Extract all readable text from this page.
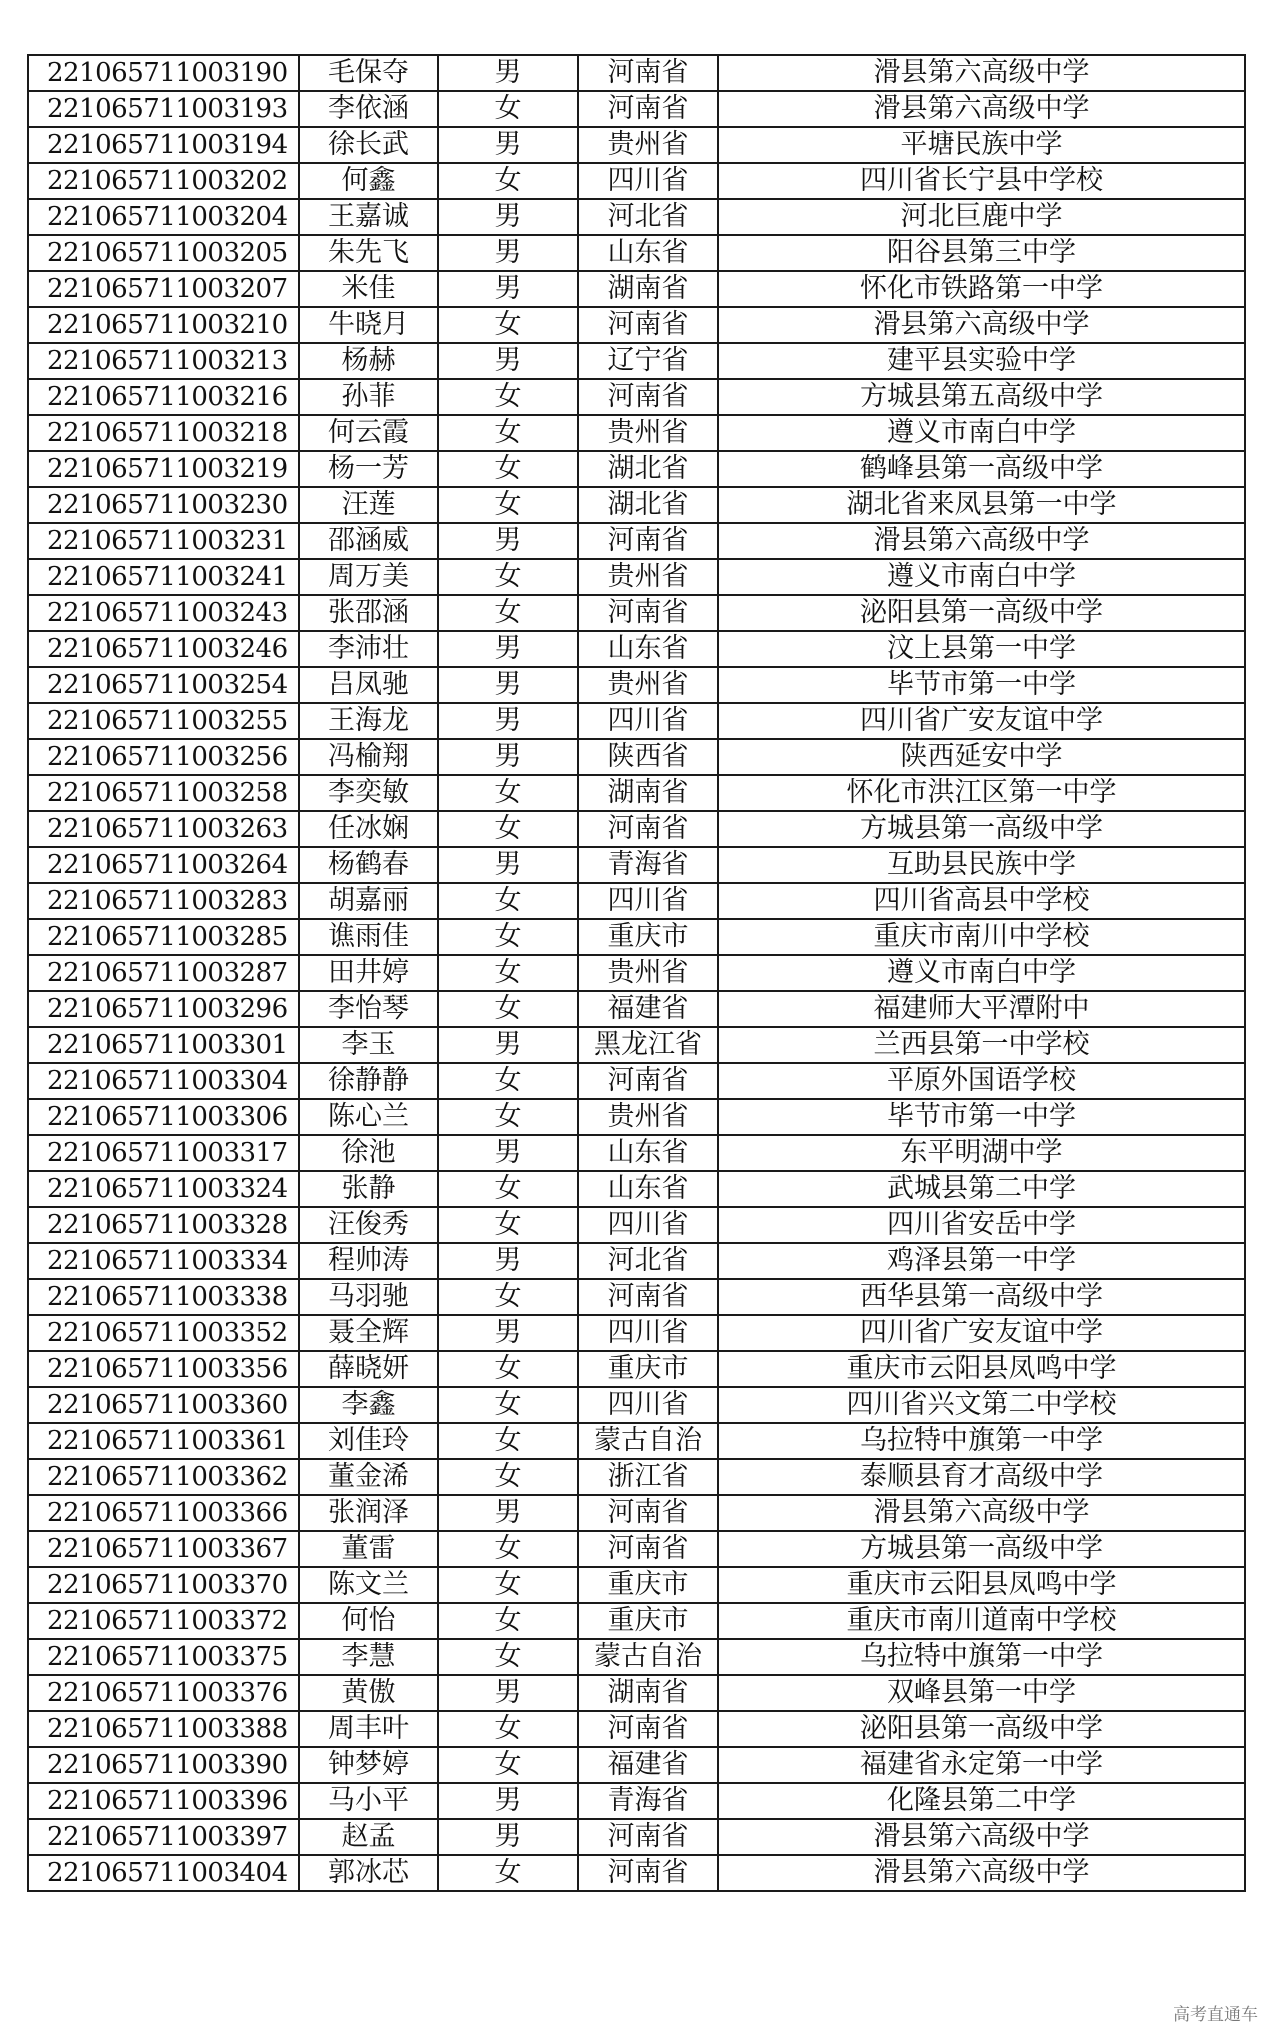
221065711003190	毛保夺	男	河南省	滑县第六高级中学
221065711003193	李依涵	女	河南省	滑县第六高级中学
221065711003194	徐长武	男	贵州省	平塘民族中学
221065711003202	何鑫	女	四川省	四川省长宁县中学校
221065711003204	王嘉诚	男	河北省	河北巨鹿中学
221065711003205	朱先飞	男	山东省	阳谷县第三中学
221065711003207	米佳	男	湖南省	怀化市铁路第一中学
221065711003210	牛晓月	女	河南省	滑县第六高级中学
221065711003213	杨赫	男	辽宁省	建平县实验中学
221065711003216	孙菲	女	河南省	方城县第五高级中学
221065711003218	何云霞	女	贵州省	遵义市南白中学
221065711003219	杨一芳	女	湖北省	鹤峰县第一高级中学
221065711003230	汪莲	女	湖北省	湖北省来凤县第一中学
221065711003231	邵涵威	男	河南省	滑县第六高级中学
221065711003241	周万美	女	贵州省	遵义市南白中学
221065711003243	张邵涵	女	河南省	泌阳县第一高级中学
221065711003246	李沛壮	男	山东省	汶上县第一中学
221065711003254	吕凤驰	男	贵州省	毕节市第一中学
221065711003255	王海龙	男	四川省	四川省广安友谊中学
221065711003256	冯榆翔	男	陕西省	陕西延安中学
221065711003258	李奕敏	女	湖南省	怀化市洪江区第一中学
221065711003263	任冰娴	女	河南省	方城县第一高级中学
221065711003264	杨鹤春	男	青海省	互助县民族中学
221065711003283	胡嘉丽	女	四川省	四川省高县中学校
221065711003285	谯雨佳	女	重庆市	重庆市南川中学校
221065711003287	田井婷	女	贵州省	遵义市南白中学
221065711003296	李怡琴	女	福建省	福建师大平潭附中
221065711003301	李玉	男	黑龙江省	兰西县第一中学校
221065711003304	徐静静	女	河南省	平原外国语学校
221065711003306	陈心兰	女	贵州省	毕节市第一中学
221065711003317	徐池	男	山东省	东平明湖中学
221065711003324	张静	女	山东省	武城县第二中学
221065711003328	汪俊秀	女	四川省	四川省安岳中学
221065711003334	程帅涛	男	河北省	鸡泽县第一中学
221065711003338	马羽驰	女	河南省	西华县第一高级中学
221065711003352	聂全辉	男	四川省	四川省广安友谊中学
221065711003356	薛晓妍	女	重庆市	重庆市云阳县凤鸣中学
221065711003360	李鑫	女	四川省	四川省兴文第二中学校
221065711003361	刘佳玲	女	蒙古自治	乌拉特中旗第一中学
221065711003362	董金浠	女	浙江省	泰顺县育才高级中学
221065711003366	张润泽	男	河南省	滑县第六高级中学
221065711003367	董雷	女	河南省	方城县第一高级中学
221065711003370	陈文兰	女	重庆市	重庆市云阳县凤鸣中学
221065711003372	何怡	女	重庆市	重庆市南川道南中学校
221065711003375	李慧	女	蒙古自治	乌拉特中旗第一中学
221065711003376	黄傲	男	湖南省	双峰县第一中学
221065711003388	周丰叶	女	河南省	泌阳县第一高级中学
221065711003390	钟梦婷	女	福建省	福建省永定第一中学
221065711003396	马小平	男	青海省	化隆县第二中学
221065711003397	赵孟	男	河南省	滑县第六高级中学
221065711003404	郭冰芯	女	河南省	滑县第六高级中学
高考直通车
